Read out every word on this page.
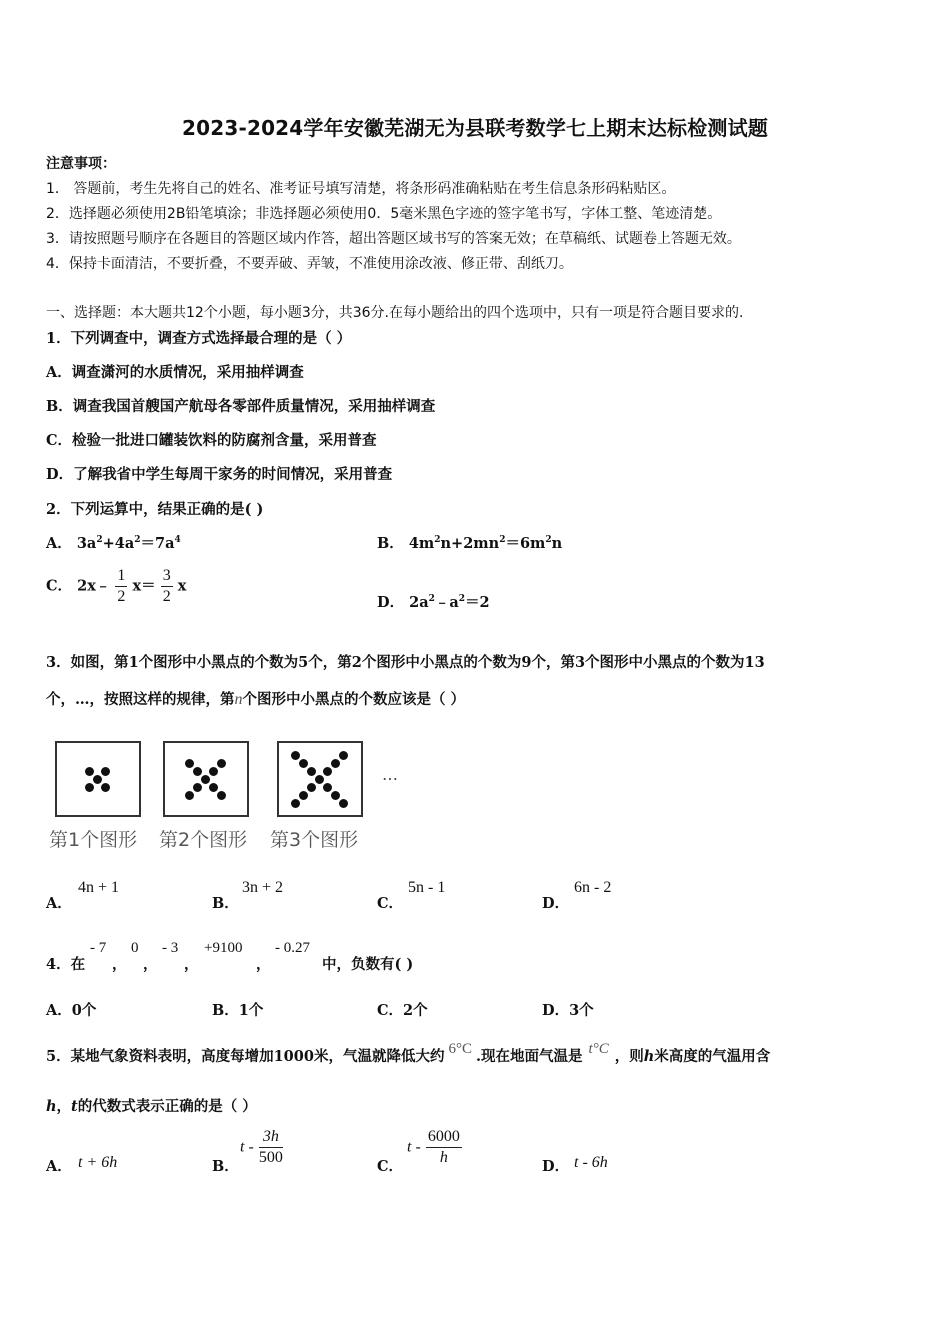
2023-2024学年安徽芜湖无为县联考数学七上期末达标检测试题
注意事项：
1． 答题前，考生先将自己的姓名、准考证号填写清楚，将条形码准确粘贴在考生信息条形码粘贴区。
2．选择题必须使用2B铅笔填涂；非选择题必须使用0．5毫米黑色字迹的签字笔书写，字体工整、笔迹清楚。
3．请按照题号顺序在各题目的答题区域内作答，超出答题区域书写的答案无效；在草稿纸、试题卷上答题无效。
4．保持卡面清洁，不要折叠，不要弄破、弄皱，不准使用涂改液、修正带、刮纸刀。
一、选择题：本大题共12个小题，每小题3分，共36分.在每小题给出的四个选项中，只有一项是符合题目要求的.
1．下列调查中，调查方式选择最合理的是（ ）
A．调查潇河的水质情况，采用抽样调查
B．调查我国首艘国产航母各零部件质量情况，采用抽样调查
C．检验一批进口罐装饮料的防腐剂含量，采用普查
D．了解我省中学生每周干家务的时间情况，采用普查
2．下列运算中，结果正确的是( )
A． $3a^2+4a^2=7a^4$	B． $4m^2n+2mn^2=6m^2n$
C． 2x﹣ $\frac{1}{2} x= \frac{3}{2}$ x
D． $2a^2﹣a^2=2$
3．如图，第1个图形中小黑点的个数为5个，第2个图形中小黑点的个数为9个，第3个图形中小黑点的个数为13
个，…，按照这样的规律，第n个图形中小黑点的个数应该是（ ）
…
第1个图形 第2个图形 第3个图形
A．
4n + 1
B．
3n + 2
C．
5n - 1
D．
6n - 2
4．在
- 7
，
0
，
- 3
，
+9100
，
- 0.27
中，负数有( )
A．0个	B．1个	C．2个	D．3个
5．某地气象资料表明，高度每增加1000米，气温就降低大约 6°C .现在地面气温是 t°C ，则h米高度的气温用含
h，t的代数式表示正确的是（ ）
A． t + 6h	B．
t - $\frac{3h}{500}$	C．
t - $\frac{6000}{h}$	D． t - 6h
